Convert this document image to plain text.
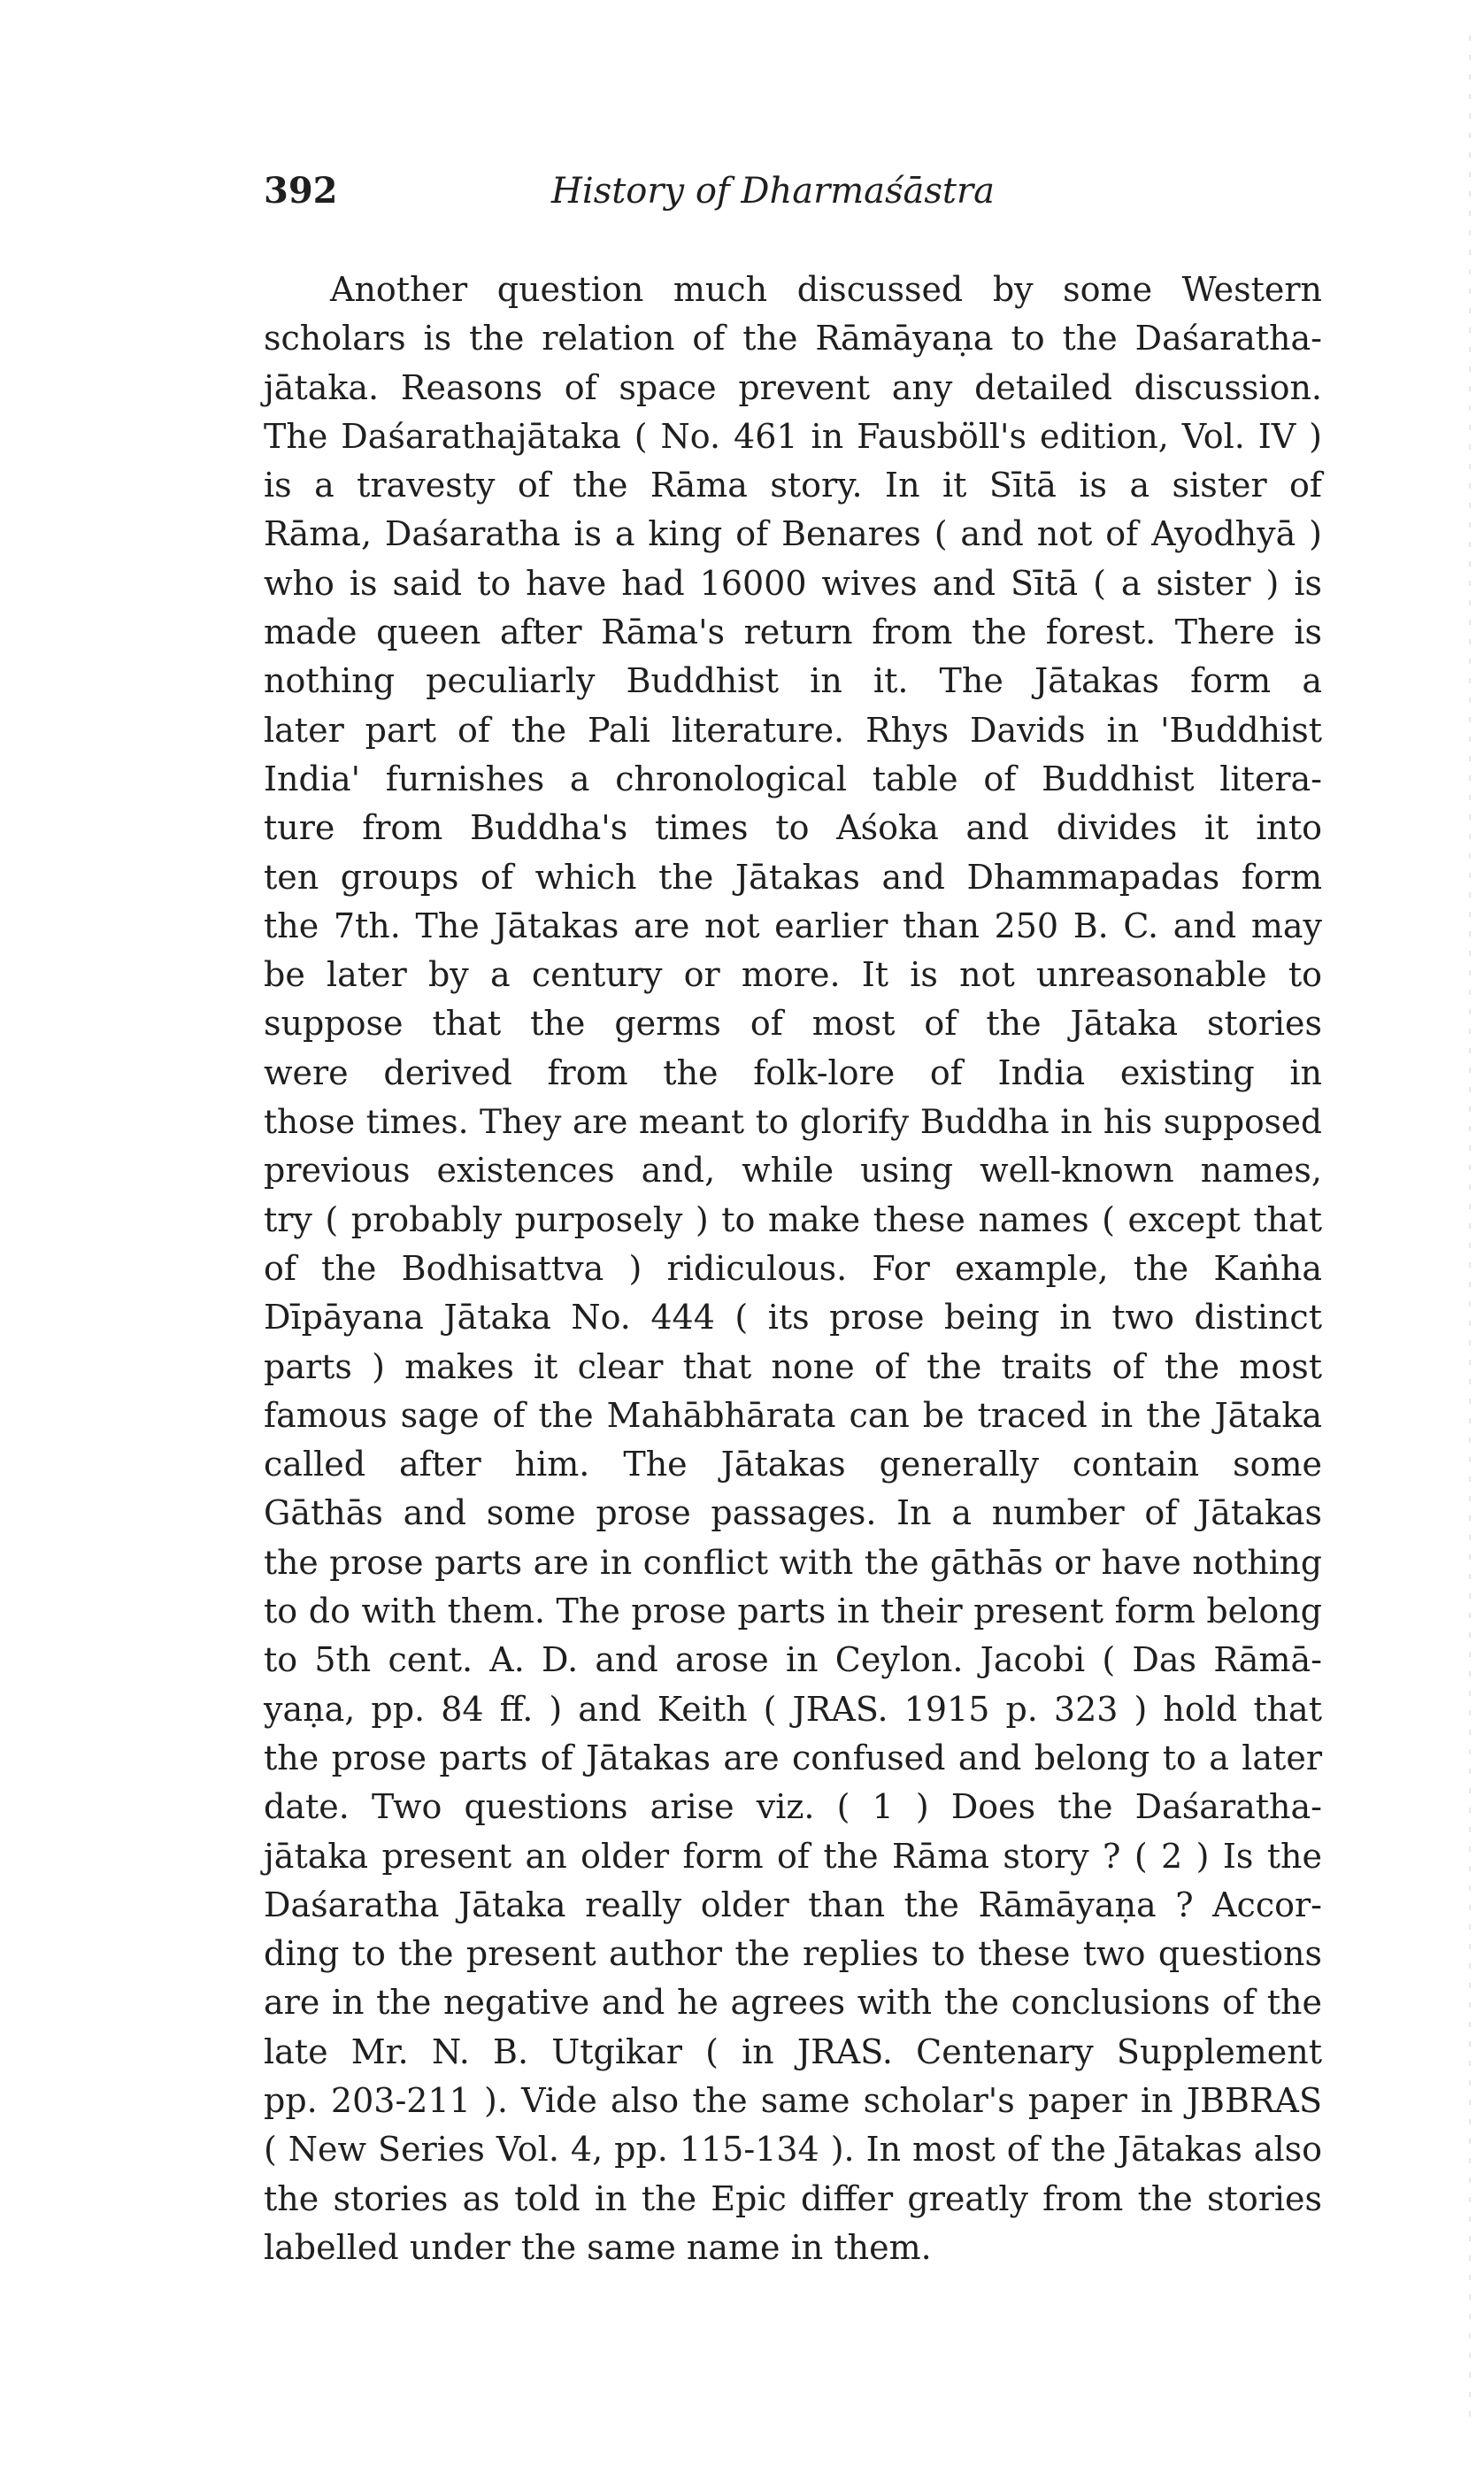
392	History of Dharmaśāstra
Another question much discussed by some Western
scholars is the relation of the Rāmāyaṇa to the Daśaratha-
jātaka. Reasons of space prevent any detailed discussion.
The Daśarathajātaka ( No. 461 in Fausböll's edition, Vol. IV )
is a travesty of the Rāma story. In it Sītā is a sister of
Rāma, Daśaratha is a king of Benares ( and not of Ayodhyā )
who is said to have had 16000 wives and Sītā ( a sister ) is
made queen after Rāma's return from the forest. There is
nothing peculiarly Buddhist in it. The Jātakas form a
later part of the Pali literature. Rhys Davids in 'Buddhist
India' furnishes a chronological table of Buddhist litera-
ture from Buddha's times to Aśoka and divides it into
ten groups of which the Jātakas and Dhammapadas form
the 7th. The Jātakas are not earlier than 250 B. C. and may
be later by a century or more. It is not unreasonable to
suppose that the germs of most of the Jātaka stories
were derived from the folk-lore of India existing in
those times. They are meant to glorify Buddha in his supposed
previous existences and, while using well-known names,
try ( probably purposely ) to make these names ( except that
of the Bodhisattva ) ridiculous. For example, the Kaṅha
Dīpāyana Jātaka No. 444 ( its prose being in two distinct
parts ) makes it clear that none of the traits of the most
famous sage of the Mahābhārata can be traced in the Jātaka
called after him. The Jātakas generally contain some
Gāthās and some prose passages. In a number of Jātakas
the prose parts are in conflict with the gāthās or have nothing
to do with them. The prose parts in their present form belong
to 5th cent. A. D. and arose in Ceylon. Jacobi ( Das Rāmā-
yaṇa, pp. 84 ff. ) and Keith ( JRAS. 1915 p. 323 ) hold that
the prose parts of Jātakas are confused and belong to a later
date. Two questions arise viz. ( 1 ) Does the Daśaratha-
jātaka present an older form of the Rāma story ? ( 2 ) Is the
Daśaratha Jātaka really older than the Rāmāyaṇa ? Accor-
ding to the present author the replies to these two questions
are in the negative and he agrees with the conclusions of the
late Mr. N. B. Utgikar ( in JRAS. Centenary Supplement
pp. 203-211 ). Vide also the same scholar's paper in JBBRAS
( New Series Vol. 4, pp. 115-134 ). In most of the Jātakas also
the stories as told in the Epic differ greatly from the stories
labelled under the same name in them.
